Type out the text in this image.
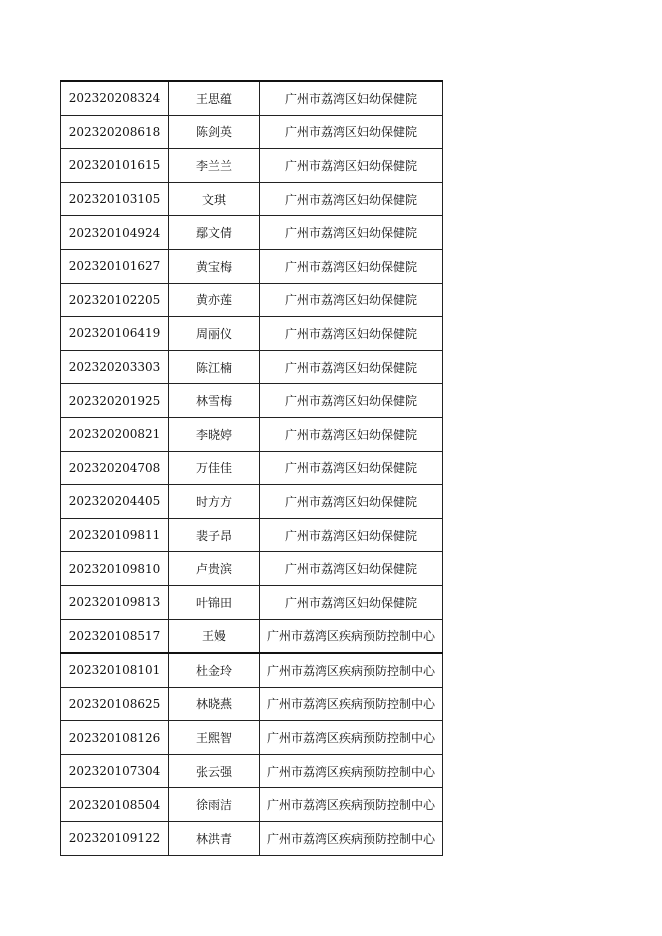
202320208324	王思蕴	广州市荔湾区妇幼保健院
202320208618	陈剑英	广州市荔湾区妇幼保健院
202320101615	李兰兰	广州市荔湾区妇幼保健院
202320103105	文琪	广州市荔湾区妇幼保健院
202320104924	鄢文倩	广州市荔湾区妇幼保健院
202320101627	黄宝梅	广州市荔湾区妇幼保健院
202320102205	黄亦莲	广州市荔湾区妇幼保健院
202320106419	周丽仪	广州市荔湾区妇幼保健院
202320203303	陈江楠	广州市荔湾区妇幼保健院
202320201925	林雪梅	广州市荔湾区妇幼保健院
202320200821	李晓婷	广州市荔湾区妇幼保健院
202320204708	万佳佳	广州市荔湾区妇幼保健院
202320204405	时方方	广州市荔湾区妇幼保健院
202320109811	裴子昂	广州市荔湾区妇幼保健院
202320109810	卢贵滨	广州市荔湾区妇幼保健院
202320109813	叶锦田	广州市荔湾区妇幼保健院
202320108517	王嫚	广州市荔湾区疾病预防控制中心
202320108101	杜金玲	广州市荔湾区疾病预防控制中心
202320108625	林晓燕	广州市荔湾区疾病预防控制中心
202320108126	王熙智	广州市荔湾区疾病预防控制中心
202320107304	张云强	广州市荔湾区疾病预防控制中心
202320108504	徐雨洁	广州市荔湾区疾病预防控制中心
202320109122	林洪青	广州市荔湾区疾病预防控制中心
